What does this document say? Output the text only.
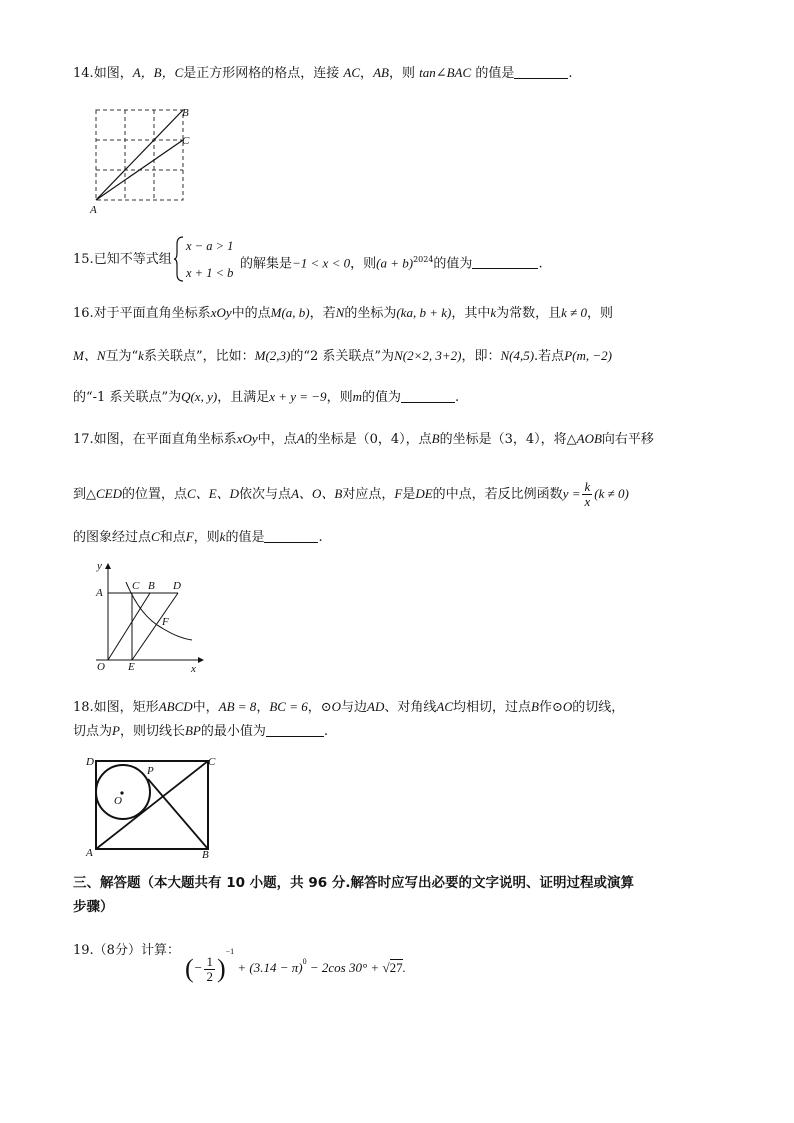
14.如图，A，B，C是正方形网格的格点，连接 AC，AB，则 tan∠BAC 的值是	.
A
B
C
15.已知不等式组
x − a > 1
x + 1 < b
的解集是−1 < x < 0，则$(a + b)^{2024}$的值为	.
16.对于平面直角坐标系xOy中的点M(a, b)，若N的坐标为(ka, b + k)，其中k为常数，且k ≠ 0，则
M、N互为“k系关联点”，比如：M(2,3)的“2 系关联点”为N(2×2, 3+2)，即：N(4,5).若点P(m, −2)
的“-1 系关联点”为Q(x, y)，且满足x + y = −9，则m的值为	.
17.如图，在平面直角坐标系xOy中，点A的坐标是（0，4），点B的坐标是（3，4），将△AOB向右平移
到△CED的位置，点C、E、D依次与点A、O、B对应点，F是DE的中点，若反比例函数$y = \frac{k}{x} (k \ne 0)$
的图象经过点C和点F，则k的值是	.
y
C B D
A
F
O E	x
18.如图，矩形ABCD中，AB = 8，BC = 6，⊙O与边AD、对角线AC均相切，过点B作⊙O的切线，
切点为P，则切线长BP的最小值为	.
D	C
P
O
A	B
三、解答题（本大题共有 10 小题，共 96 分.解答时应写出必要的文字说明、证明过程或演算
步骤）
19.（8分）计算：
(− $\frac{1}{2} )^{-1} + (3.14 - \pi)^0 - 2\cos$ 30° + √27.
